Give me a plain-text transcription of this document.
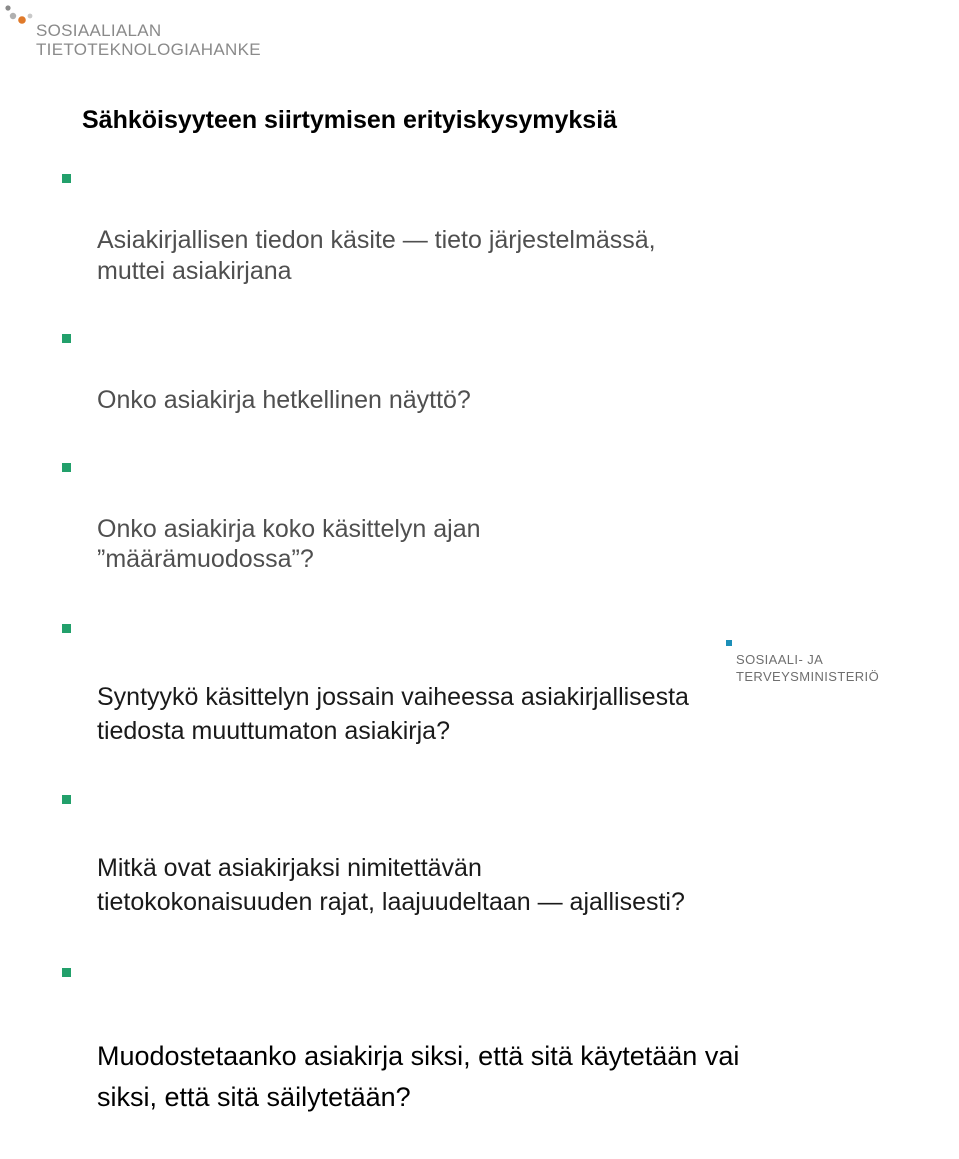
SOSIAALIALAN
TIETOTEKNOLOGIAHANKE
Sähköisyyteen siirtymisen erityiskysymyksiä

Asiakirjallisen tiedon käsite — tieto järjestelmässä,
muttei asiakirjana

Onko asiakirja hetkellinen näyttö?

Onko asiakirja koko käsittelyn ajan
”määrämuodossa”?

Syntyykö käsittelyn jossain vaiheessa asiakirjallisesta
tiedosta muuttumaton asiakirja?

Mitkä ovat asiakirjaksi nimitettävän
tietokokonaisuuden rajat, laajuudeltaan — ajallisesti?

Muodostetaanko asiakirja siksi, että sitä käytetään vai
siksi, että sitä säilytetään?

SOSIAALI- JA
TERVEYSMINISTERIÖ
